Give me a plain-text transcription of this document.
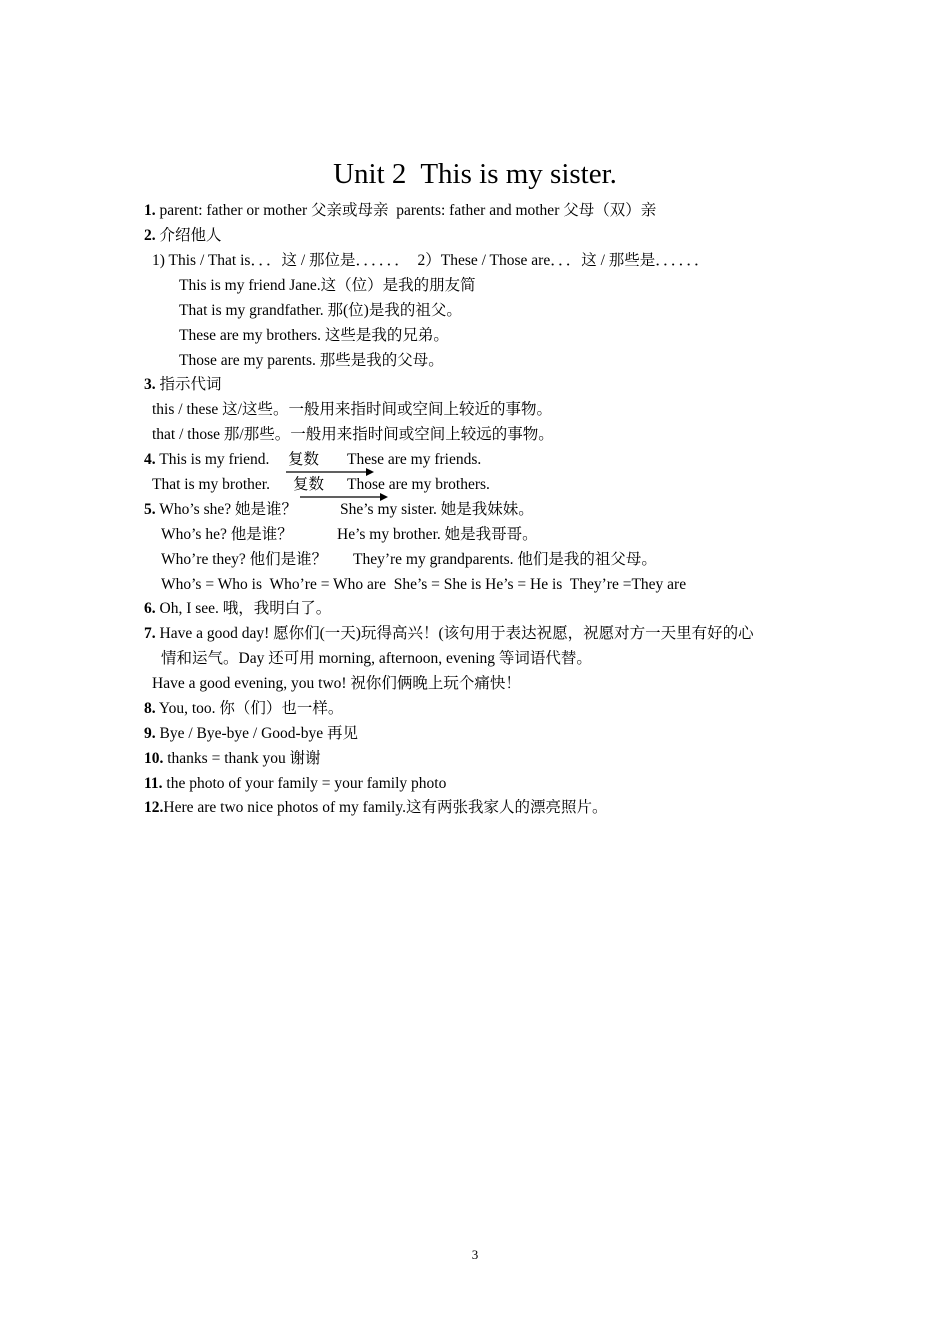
Unit 2  This is my sister.
1. parent: father or mother 父亲或母亲  parents: father and mother 父母（双）亲
2. 介绍他人
1) This / That is．．．这 / 那位是．．．．．．  2）These / Those are．．．这 / 那些是．．．．．．
This is my friend Jane.这（位）是我的朋友简
That is my grandfather. 那(位)是我的祖父。
These are my brothers. 这些是我的兄弟。
Those are my parents. 那些是我的父母。
3. 指示代词
this / these 这/这些。一般用来指时间或空间上较近的事物。
that / those 那/那些。一般用来指时间或空间上较远的事物。
4. This is my friend. 复数 These are my friends.
That is my brother. 复数 Those are my brothers.
5. Who’s she? 她是谁？	She’s my sister. 她是我妹妹。
Who’s he? 他是谁？	He’s my brother. 她是我哥哥。
Who’re they? 他们是谁？ They’re my grandparents. 他们是我的祖父母。
Who’s = Who is  Who’re = Who are  She’s = She is He’s = He is  They’re =They are
6. Oh, I see. 哦，我明白了。
7. Have a good day! 愿你们(一天)玩得高兴！(该句用于表达祝愿，祝愿对方一天里有好的心
情和运气。Day 还可用 morning, afternoon, evening 等词语代替。
Have a good evening, you two! 祝你们俩晚上玩个痛快！
8. You, too. 你（们）也一样。
9. Bye / Bye-bye / Good-bye 再见
10. thanks = thank you 谢谢
11. the photo of your family = your family photo
12.Here are two nice photos of my family.这有两张我家人的漂亮照片。
3
